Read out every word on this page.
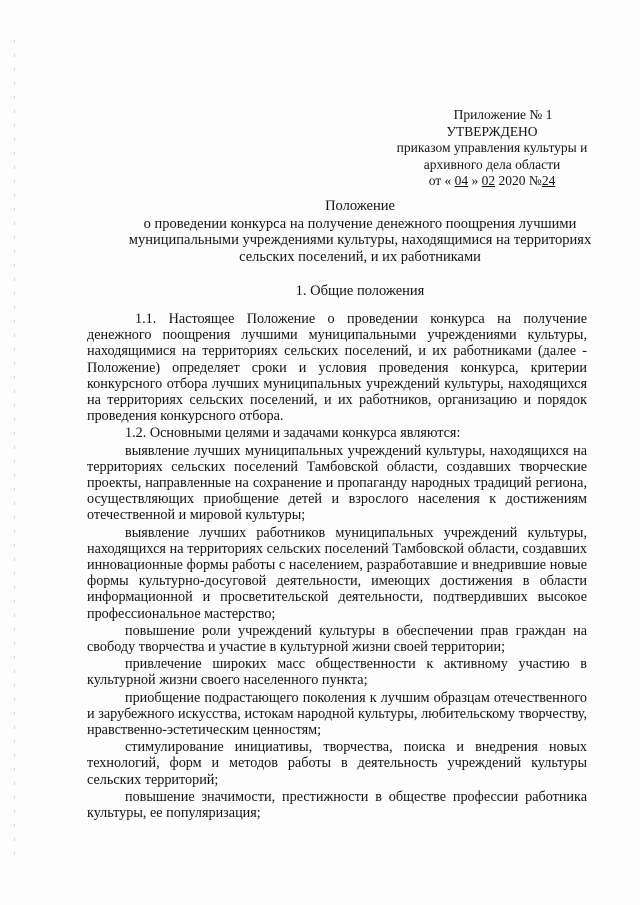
Приложение № 1
УТВЕРЖДЕНО
приказом управления культуры и
архивного дела области
от « 04 » 02 2020 №24
Положение
о проведении конкурса на получение денежного поощрения лучшими
муниципальными учреждениями культуры, находящимися на территориях
сельских поселений, и их работниками
1. Общие положения

1.1. Настоящее Положение о проведении конкурса на получение денежного поощрения лучшими муниципальными учреждениями культуры, находящимися на территориях сельских поселений, и их работниками (далее - Положение) определяет сроки и условия проведения конкурса, критерии конкурсного отбора лучших муниципальных учреждений культуры, находящихся на территориях сельских поселений, и их работников, организацию и порядок проведения конкурсного отбора.

1.2. Основными целями и задачами конкурса являются:

выявление лучших муниципальных учреждений культуры, находящихся на территориях сельских поселений Тамбовской области, создавших творческие проекты, направленные на сохранение и пропаганду народных традиций региона, осуществляющих приобщение детей и взрослого населения к достижениям отечественной и мировой культуры;

выявление лучших работников муниципальных учреждений культуры, находящихся на территориях сельских поселений Тамбовской области, создавших инновационные формы работы с населением, разработавшие и внедрившие новые формы культурно-досуговой деятельности, имеющих достижения в области информационной и просветительской деятельности, подтвердивших высокое профессиональное мастерство;

повышение роли учреждений культуры в обеспечении прав граждан на свободу творчества и участие в культурной жизни своей территории;

привлечение широких масс общественности к активному участию в культурной жизни своего населенного пункта;

приобщение подрастающего поколения к лучшим образцам отечественного и зарубежного искусства, истокам народной культуры, любительскому творчеству, нравственно-эстетическим ценностям;

стимулирование инициативы, творчества, поиска и внедрения новых технологий, форм и методов работы в деятельность учреждений культуры сельских территорий;

повышение значимости, престижности в обществе профессии работника культуры, ее популяризация;
